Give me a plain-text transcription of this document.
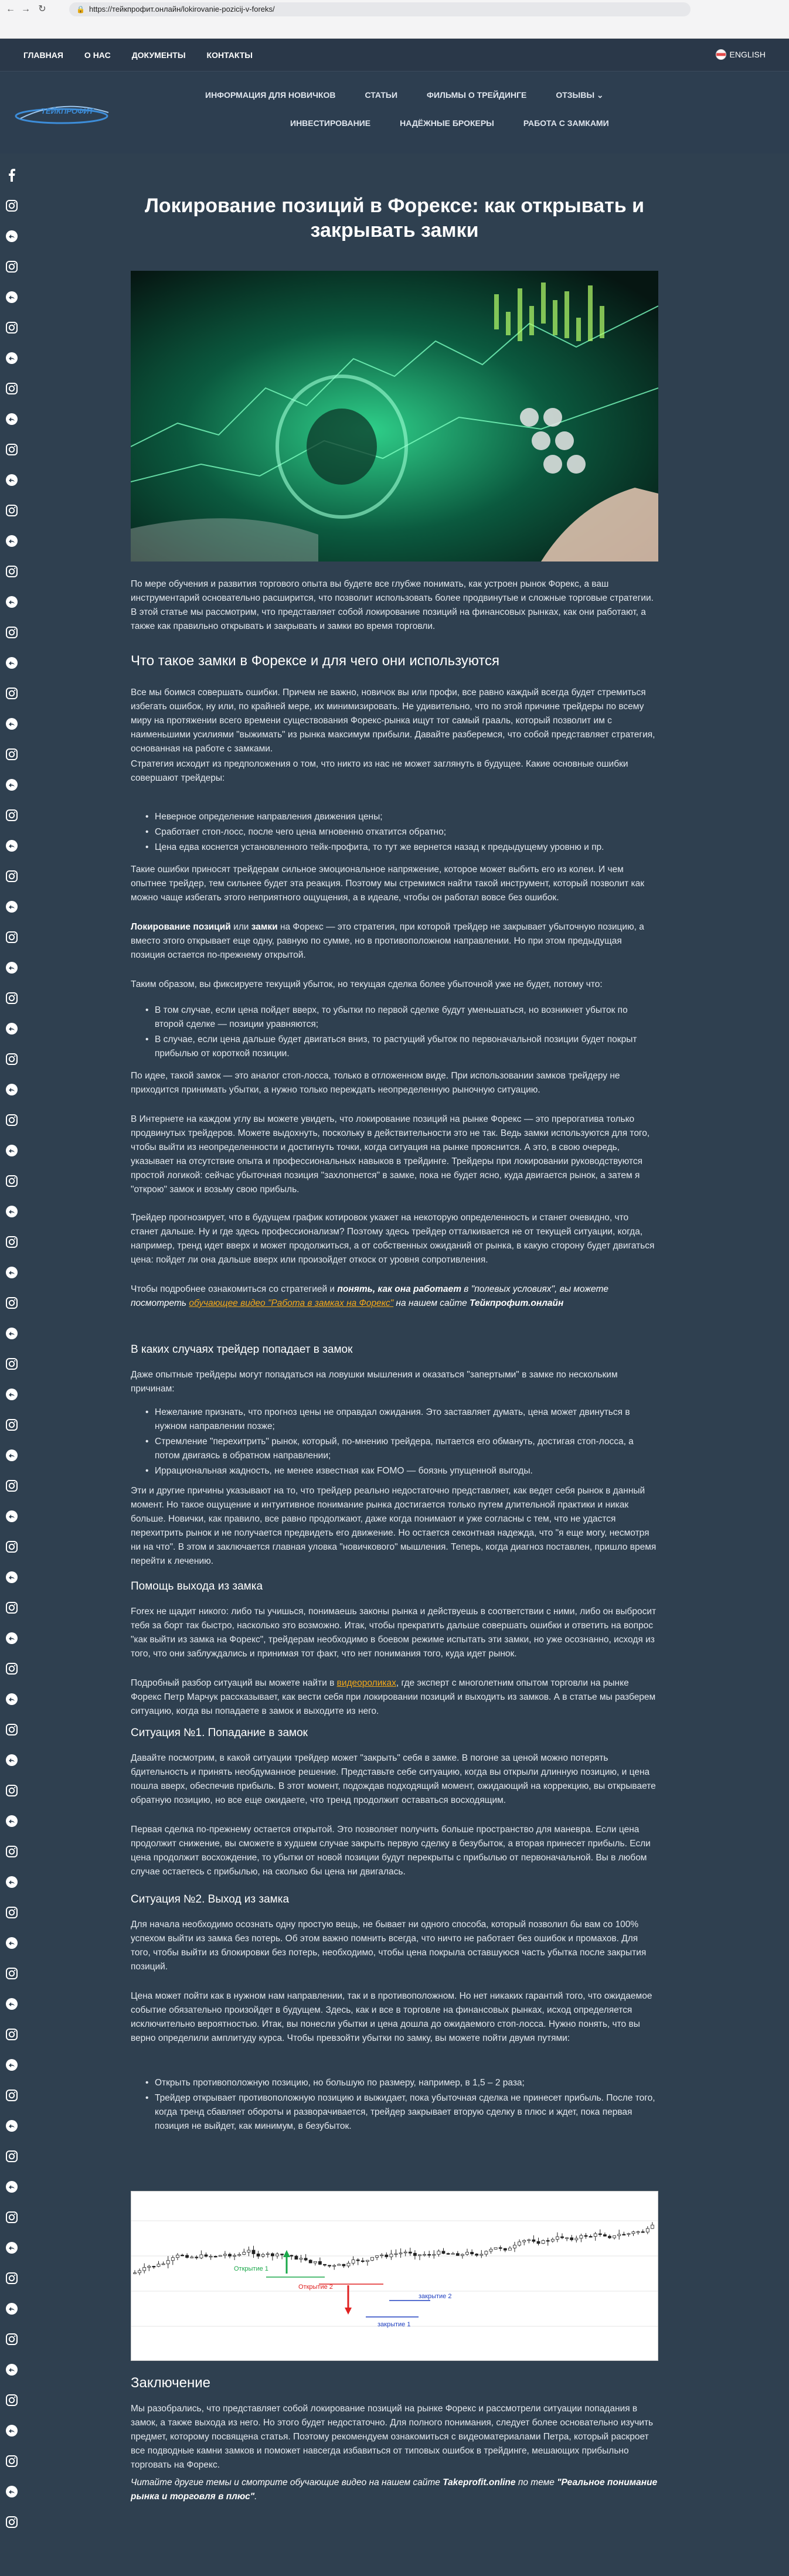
← → ↻	🔒 https://тейкпрофит.онлайн/lokirovanie-pozicij-v-foreks/
ГЛАВНАЯ	О НАС	ДОКУМЕНТЫ	КОНТАКТЫ	ENGLISH
ТЕЙКПРОФИТ
ИНФОРМАЦИЯ ДЛЯ НОВИЧКОВ	СТАТЬИ	ФИЛЬМЫ О ТРЕЙДИНГЕ	ОТЗЫВЫ ⌄
ИНВЕСТИРОВАНИЕ	НАДЁЖНЫЕ БРОКЕРЫ	РАБОТА С ЗАМКАМИ
Локирование позиций в Форексе: как открывать и закрывать замки

По мере обучения и развития торгового опыта вы будете все глубже понимать, как устроен рынок Форекс, а ваш инструментарий основательно расширится, что позволит использовать более продвинутые и сложные торговые стратегии. В этой статье мы рассмотрим, что представляет собой локирование позиций на финансовых рынках, как они работают, а также как правильно открывать и закрывать и замки во время торговли.

Что такое замки в Форексе и для чего они используются

Все мы боимся совершать ошибки. Причем не важно, новичок вы или профи, все равно каждый всегда будет стремиться избегать ошибок, ну или, по крайней мере, их минимизировать. Не удивительно, что по этой причине трейдеры по всему миру на протяжении всего времени существования Форекс-рынка ищут тот самый грааль, который позволит им с наименьшими усилиями "выжимать" из рынка максимум прибыли. Давайте разберемся, что собой представляет стратегия, основанная на работе с замками.

Стратегия исходит из предположения о том, что никто из нас не может заглянуть в будущее. Какие основные ошибки совершают трейдеры:

• Неверное определение направления движения цены;
• Сработает стоп-лосс, после чего цена мгновенно откатится обратно;
• Цена едва коснется установленного тейк-профита, то тут же вернется назад к предыдущему уровню и пр.

Такие ошибки приносят трейдерам сильное эмоциональное напряжение, которое может выбить его из колеи. И чем опытнее трейдер, тем сильнее будет эта реакция. Поэтому мы стремимся найти такой инструмент, который позволит как можно чаще избегать этого неприятного ощущения, а в идеале, чтобы он работал вовсе без ошибок.

Локирование позиций или замки на Форекс — это стратегия, при которой трейдер не закрывает убыточную позицию, а вместо этого открывает еще одну, равную по сумме, но в противоположном направлении. Но при этом предыдущая позиция остается по-прежнему открытой.

Таким образом, вы фиксируете текущий убыток, но текущая сделка более убыточной уже не будет, потому что:

• В том случае, если цена пойдет вверх, то убытки по первой сделке будут уменьшаться, но возникнет убыток по второй сделке — позиции уравняются;
• В случае, если цена дальше будет двигаться вниз, то растущий убыток по первоначальной позиции будет покрыт прибылью от короткой позиции.

По идее, такой замок — это аналог стоп-лосса, только в отложенном виде. При использовании замков трейдеру не приходится принимать убытки, а нужно только переждать неопределенную рыночную ситуацию.

В Интернете на каждом углу вы можете увидеть, что локирование позиций на рынке Форекс — это прерогатива только продвинутых трейдеров. Можете выдохнуть, поскольку в действительности это не так. Ведь замки используются для того, чтобы выйти из неопределенности и достигнуть точки, когда ситуация на рынке прояснится. А это, в свою очередь, указывает на отсутствие опыта и профессиональных навыков в трейдинге. Трейдеры при локировании руководствуются простой логикой: сейчас убыточная позиция "захлопнется" в замке, пока не будет ясно, куда двигается рынок, а затем я "открою" замок и возьму свою прибыль.

Трейдер прогнозирует, что в будущем график котировок укажет на некоторую определенность и станет очевидно, что станет дальше. Ну и где здесь профессионализм? Поэтому здесь трейдер отталкивается не от текущей ситуации, когда, например, тренд идет вверх и может продолжиться, а от собственных ожиданий от рынка, в какую сторону будет двигаться цена: пойдет ли она дальше вверх или произойдет откоск от уровня сопротивления.

Чтобы подробнее ознакомиться со стратегией и понять, как она работает в "полевых условиях", вы можете посмотреть обучающее видео "Работа в замках на Форекс" на нашем сайте Тейкпрофит.онлайн

В каких случаях трейдер попадает в замок

Даже опытные трейдеры могут попадаться на ловушки мышления и оказаться "запертыми" в замке по нескольким причинам:

• Нежелание признать, что прогноз цены не оправдал ожидания. Это заставляет думать, цена может двинуться в нужном направлении позже;
• Стремление "перехитрить" рынок, который, по-мнению трейдера, пытается его обмануть, достигая стоп-лосса, а потом двигаясь в обратном направлении;
• Иррациональная жадность, не менее известная как FOMO — боязнь упущенной выгоды.

Эти и другие причины указывают на то, что трейдер реально недостаточно представляет, как ведет себя рынок в данный момент. Но такое ощущение и интуитивное понимание рынка достигается только путем длительной практики и никак больше. Новички, как правило, все равно продолжают, даже когда понимают и уже согласны с тем, что не удастся перехитрить рынок и не получается предвидеть его движение. Но остается секонтная надежда, что "я еще могу, несмотря ни на что". В этом и заключается главная уловка "новичкового" мышления. Теперь, когда диагноз поставлен, пришло время перейти к лечению.

Помощь выхода из замка

Forex не щадит никого: либо ты учишься, понимаешь законы рынка и действуешь в соответствии с ними, либо он выбросит тебя за борт так быстро, насколько это возможно. Итак, чтобы прекратить дальше совершать ошибки и ответить на вопрос "как выйти из замка на Форекс", трейдерам необходимо в боевом режиме испытать эти замки, но уже осознанно, исходя из того, что они заблуждались и принимая тот факт, что нет понимания того, куда идет рынок.

Подробный разбор ситуаций вы можете найти в видеороликах, где эксперт с многолетним опытом торговли на рынке Форекс Петр Марчук рассказывает, как вести себя при локировании позиций и выходить из замков. А в статье мы разберем ситуацию, когда вы попадаете в замок и выходите из него.

Ситуация №1. Попадание в замок

Давайте посмотрим, в какой ситуации трейдер может "закрыть" себя в замке. В погоне за ценой можно потерять бдительность и принять необдуманное решение. Представьте себе ситуацию, когда вы открыли длинную позицию, и цена пошла вверх, обеспечив прибыль. В этот момент, подождав подходящий момент, ожидающий на коррекцию, вы открываете обратную позицию, но все еще ожидаете, что тренд продолжит оставаться восходящим.

Первая сделка по-прежнему остается открытой. Это позволяет получить больше пространство для маневра. Если цена продолжит снижение, вы сможете в худшем случае закрыть первую сделку в безубыток, а вторая принесет прибыль. Если цена продолжит восхождение, то убытки от новой позиции будут перекрыты с прибылью от первоначальной. Вы в любом случае остаетесь с прибылью, на сколько бы цена ни двигалась.

Ситуация №2. Выход из замка

Для начала необходимо осознать одну простую вещь, не бывает ни одного способа, который позволил бы вам со 100% успехом выйти из замка без потерь. Об этом важно помнить всегда, что ничто не работает без ошибок и промахов. Для того, чтобы выйти из блокировки без потерь, необходимо, чтобы цена покрыла оставшуюся часть убытка после закрытия позиций.

Цена может пойти как в нужном нам направлении, так и в противоположном. Но нет никаких гарантий того, что ожидаемое событие обязательно произойдет в будущем. Здесь, как и все в торговле на финансовых рынках, исход определяется исключительно вероятностью. Итак, вы понесли убытки и цена дошла до ожидаемого стоп-лосса. Нужно понять, что вы верно определили амплитуду курса. Чтобы превзойти убытки по замку, вы можете пойти двумя путями:

• Открыть противоположную позицию, но большую по размеру, например, в 1,5 – 2 раза;
• Трейдер открывает противоположную позицию и выжидает, пока убыточная сделка не принесет прибыль. После того, когда тренд сбавляет обороты и разворачивается, трейдер закрывает вторую сделку в плюс и ждет, пока первая позиция не выйдет, как минимум, в безубыток.
Открытие 1
Открытие 2
закрытие 2
закрытие 1
Заключение

Мы разобрались, что представляет собой локирование позиций на рынке Форекс и рассмотрели ситуации попадания в замок, а также выхода из него. Но этого будет недостаточно. Для полного понимания, следует более основательно изучить предмет, которому посвящена статья. Поэтому рекомендуем ознакомиться с видеоматериалами Петра, который раскроет все подводные камни замков и поможет навсегда избавиться от типовых ошибок в трейдинге, мешающих прибыльно торговать на Форекс.

Читайте другие темы и смотрите обучающие видео на нашем сайте Takeprofit.online по теме "Реальное понимание рынка и торговля в плюс".
